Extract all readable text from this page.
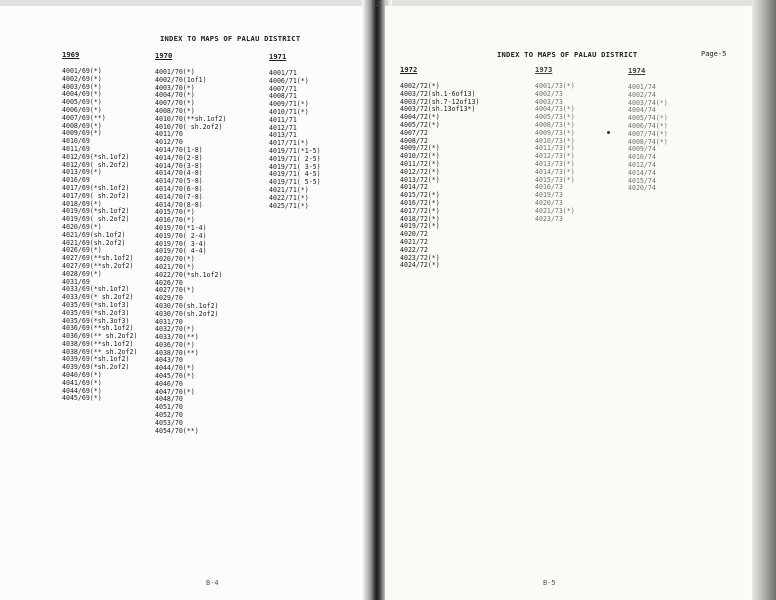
INDEX TO MAPS OF PALAU DISTRICT
1969
4001/69(*)
4002/69(*)
4003/69(*)
4004/69(*)
4005/69(*)
4006/69(*)
4007/69(**)
4008/69(*)
4009/69(*)
4010/69
4011/69
4012/69(*sh.1of2)
4012/69( sh.2of2)
4013/69(*)
4016/69
4017/69(*sh.1of2)
4017/69( sh.2of2)
4018/69(*)
4019/69(*sh.1of2)
4019/69( sh.2of2)
4020/69(*)
4021/69(sh.1of2)
4021/69(sh.2of2)
4026/69(*)
4027/69(**sh.1of2)
4027/69(**sh.2of2)
4028/69(*)
4031/69
4033/69(*sh.1of2)
4033/69(* sh.2of2)
4035/69(*sh.1of3)
4035/69(*sh.2of3)
4035/69(*sh.3of3)
4036/69(**sh.1of2)
4036/69(** sh.2of2)
4038/69(**sh.1of2)
4038/69(** sh.2of2)
4039/69(*sh.1of2)
4039/69(*sh.2of2)
4040/69(*)
4041/69(*)
4044/69(*)
4045/69(*)
1970
4001/70(*)
4002/70(1of1)
4003/70(*)
4004/70(*)
4007/70(*)
4008/70(*)
4010/70(**sh.1of2)
4010/70( sh.2of2)
4011/70
4012/70
4014/70(1-8)
4014/70(2-8)
4014/70(3-8)
4014/70(4-8)
4014/70(5-8)
4014/70(6-8)
4014/70(7-8)
4014/70(8-8)
4015/70(*)
4016/70(*)
4019/70(*1-4)
4019/70( 2-4)
4019/70( 3-4)
4019/70( 4-4)
4020/70(*)
4021/70(*)
4022/70(*sh.1of2)
4026/70
4027/70(*)
4029/70
4030/70(sh.1of2)
4030/70(sh.2of2)
4031/70
4032/70(*)
4033/70(**)
4036/70(*)
4038/70(**)
4043/70
4044/70(*)
4045/70(*)
4046/70
4047/70(*)
4048/70
4051/70
4052/70
4053/70
4054/70(**)
1971
4001/71
4006/71(*)
4007/71
4008/71
4009/71(*)
4010/71(*)
4011/71
4012/71
4013/71
4017/71(*)
4019/71(*1-5)
4019/71( 2-5)
4019/71( 3-5)
4019/71( 4-5)
4019/71( 5-5)
4021/71(*)
4022/71(*)
4025/71(*)
B-4
INDEX TO MAPS OF PALAU DISTRICT	Page-5
1972
4002/72(*)
4003/72(sh.1-6of13)
4003/72(sh.7-12of13)
4003/72(sh.13of13*)
4004/72(*)
4005/72(*)
4007/72
4008/72
4009/72(*)
4010/72(*)
4011/72(*)
4012/72(*)
4013/72(*)
4014/72
4015/72(*)
4016/72(*)
4017/72(*)
4018/72(*)
4019/72(*)
4020/72
4021/72
4022/72
4023/72(*)
4024/72(*)
1973
4001/73(*)
4002/73
4003/73
4004/73(*)
4005/73(*)
4008/73(*)
4009/73(*)
4010/73(*)
4011/73(*)
4012/73(*)
4013/73(*)
4014/73(*)
4015/73(*)
4016/73
4019/73
4020/73
4021/73(*)
4023/73
1974
4001/74
4002/74
4003/74(*)
4004/74
4005/74(*)
4006/74(*)
4007/74(*)
4008/74(*)
4009/74
4010/74
4012/74
4014/74
4015/74
4020/74
B-5
52
